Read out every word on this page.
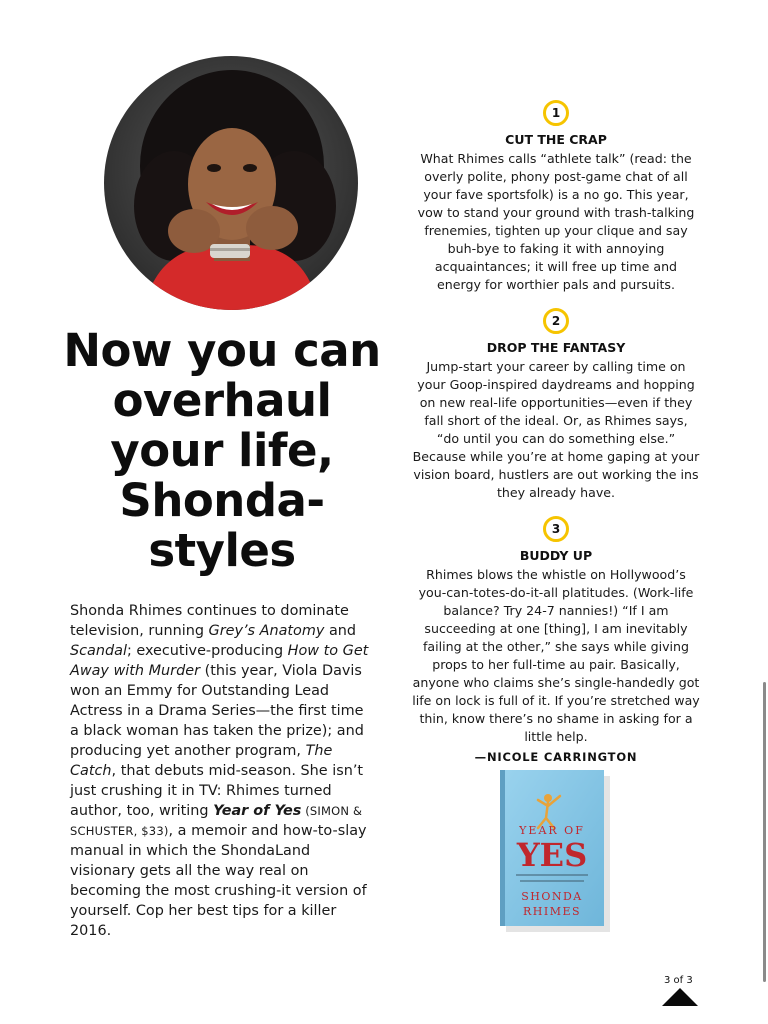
Now you can overhaul your life, Shonda-styles

Shonda Rhimes continues to dominate television, running Grey’s Anatomy and Scandal; executive-producing How to Get Away with Murder (this year, Viola Davis won an Emmy for Outstanding Lead Actress in a Drama Series—the first time a black woman has taken the prize); and producing yet another program, The Catch, that debuts mid-season. She isn’t just crushing it in TV: Rhimes turned author, too, writing Year of Yes (SIMON & SCHUSTER, $33), a memoir and how-to-slay manual in which the ShondaLand visionary gets all the way real on becoming the most crushing-it version of yourself. Cop her best tips for a killer 2016.

1
CUT THE CRAP

What Rhimes calls “athlete talk” (read: the overly polite, phony post-game chat of all your fave sportsfolk) is a no go. This year, vow to stand your ground with trash-talking frenemies, tighten up your clique and say buh-bye to faking it with annoying acquaintances; it will free up time and energy for worthier pals and pursuits.

2
DROP THE FANTASY

Jump-start your career by calling time on your Goop-inspired daydreams and hopping on new real-life opportunities—even if they fall short of the ideal. Or, as Rhimes says, “do until you can do something else.” Because while you’re at home gaping at your vision board, hustlers are out working the ins they already have.

3
BUDDY UP

Rhimes blows the whistle on Hollywood’s you-can-totes-do-it-all platitudes. (Work-life balance? Try 24-7 nannies!) “If I am succeeding at one [thing], I am inevitably failing at the other,” she says while giving props to her full-time au pair. Basically, anyone who claims she’s single-handedly got life on lock is full of it. If you’re stretched way thin, know there’s no shame in asking for a little help.

—NICOLE CARRINGTON
YEAR OF
YES
SHONDA
RHIMES
3 of 3
